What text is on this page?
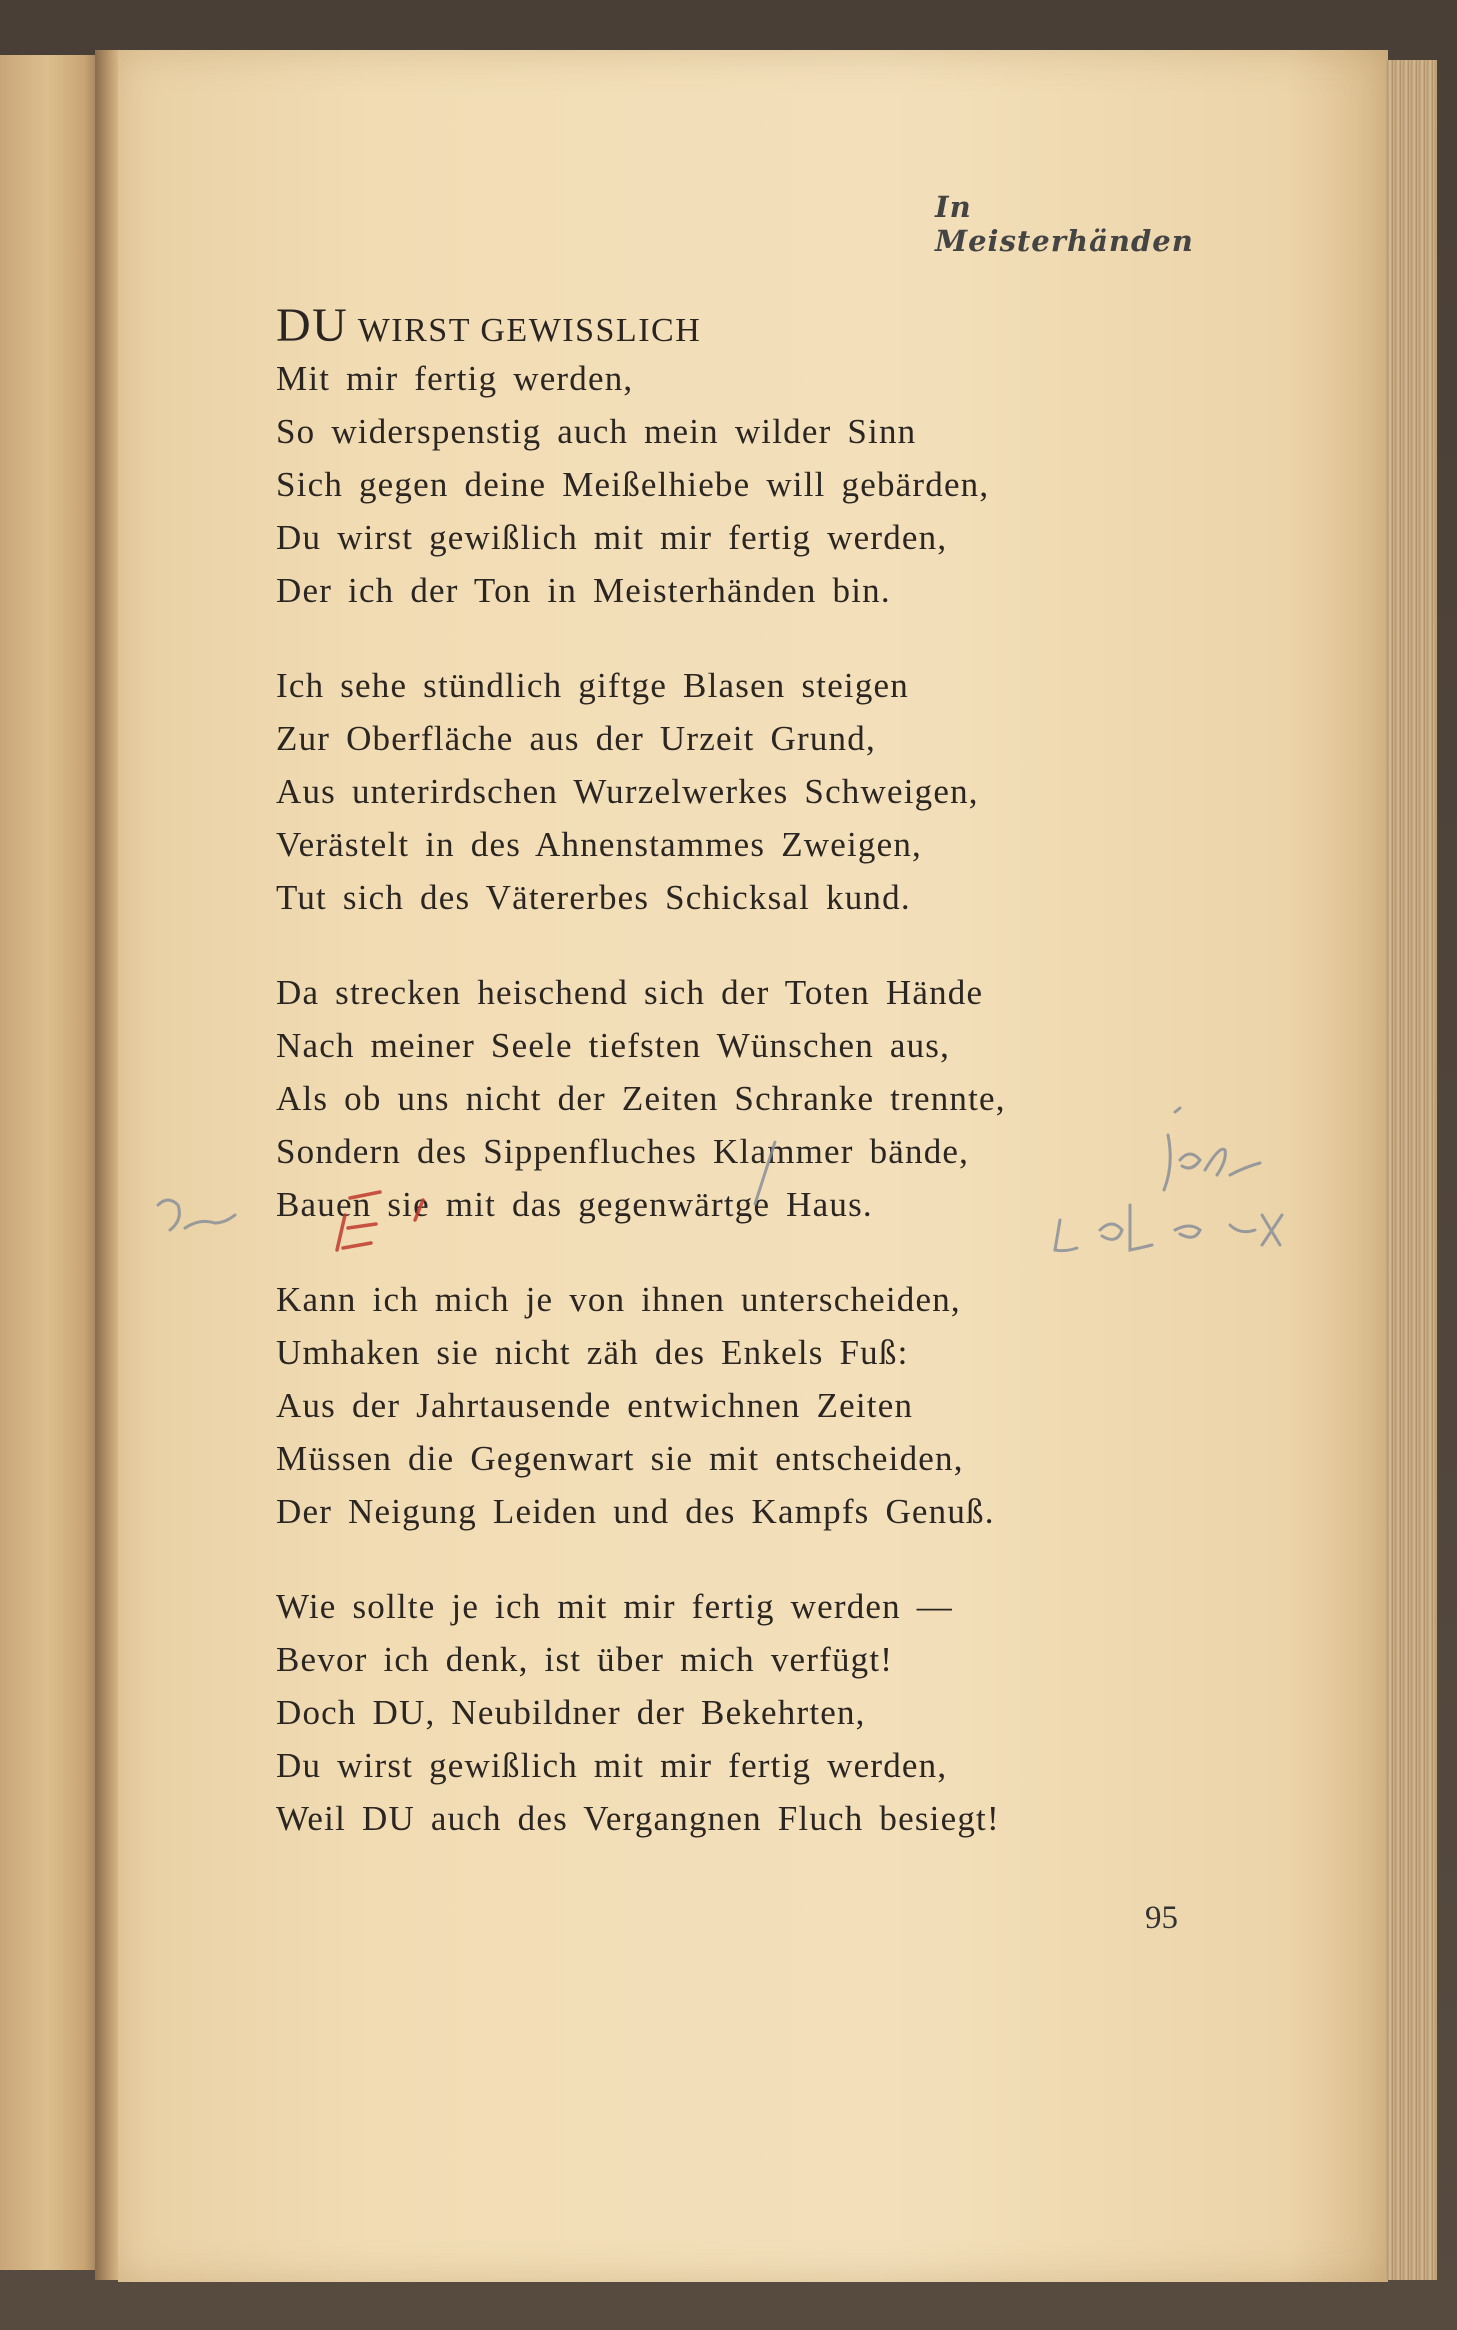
In Meisterhänden
DU WIRST GEWISSLICH
Mit mir fertig werden,
So widerspenstig auch mein wilder Sinn
Sich gegen deine Meißelhiebe will gebärden,
Du wirst gewißlich mit mir fertig werden,
Der ich der Ton in Meisterhänden bin.
Ich sehe stündlich giftge Blasen steigen
Zur Oberfläche aus der Urzeit Grund,
Aus unterirdschen Wurzelwerkes Schweigen,
Verästelt in des Ahnenstammes Zweigen,
Tut sich des Vätererbes Schicksal kund.
Da strecken heischend sich der Toten Hände
Nach meiner Seele tiefsten Wünschen aus,
Als ob uns nicht der Zeiten Schranke trennte,
Sondern des Sippenfluches Klammer bände,
Bauen sie mit das gegenwärtge Haus.
Kann ich mich je von ihnen unterscheiden,
Umhaken sie nicht zäh des Enkels Fuß:
Aus der Jahrtausende entwichnen Zeiten
Müssen die Gegenwart sie mit entscheiden,
Der Neigung Leiden und des Kampfs Genuß.
Wie sollte je ich mit mir fertig werden —
Bevor ich denk, ist über mich verfügt!
Doch DU, Neubildner der Bekehrten,
Du wirst gewißlich mit mir fertig werden,
Weil DU auch des Vergangnen Fluch besiegt!
95
